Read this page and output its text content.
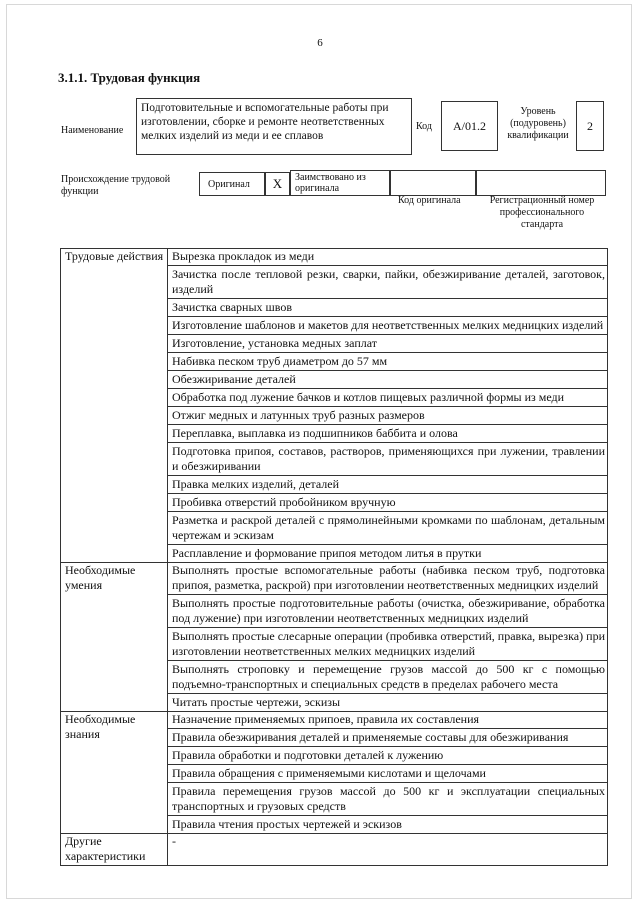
6
3.1.1. Трудовая функция
Наименование
Подготовительные и вспомогательные работы при изготовлении, сборке и ремонте неответственных мелких изделий из меди и ее сплавов
Код	А/01.2
Уровень (подуровень) квалификации
2
Происхождение трудовой функции
Оригинал	X	Заимствовано из оригинала
Код оригинала	Регистрационный номер профессионального стандарта
Трудовые действия	Вырезка прокладок из меди
	Зачистка после тепловой резки, сварки, пайки, обезжиривание деталей, заготовок, изделий
	Зачистка сварных швов
	Изготовление шаблонов и макетов для неответственных мелких медницких изделий
	Изготовление, установка медных заплат
	Набивка песком труб диаметром до 57 мм
	Обезжиривание деталей
	Обработка под лужение бачков и котлов пищевых различной формы из меди
	Отжиг медных и латунных труб разных размеров
	Переплавка, выплавка из подшипников баббита и олова
	Подготовка припоя, составов, растворов, применяющихся при лужении, травлении и обезжиривании
	Правка мелких изделий, деталей
	Пробивка отверстий пробойником вручную
	Разметка и раскрой деталей с прямолинейными кромками по шаблонам, детальным чертежам и эскизам
	Расплавление и формование припоя методом литья в прутки
Необходимые умения	Выполнять простые вспомогательные работы (набивка песком труб, подготовка припоя, разметка, раскрой) при изготовлении неответственных медницких изделий
	Выполнять простые подготовительные работы (очистка, обезжиривание, обработка под лужение) при изготовлении неответственных медницких изделий
	Выполнять простые слесарные операции (пробивка отверстий, правка, вырезка) при изготовлении неответственных мелких медницких изделий
	Выполнять строповку и перемещение грузов массой до 500 кг с помощью подъемно-транспортных и специальных средств в пределах рабочего места
	Читать простые чертежи, эскизы
Необходимые знания	Назначение применяемых припоев, правила их составления
	Правила обезжиривания деталей и применяемые составы для обезжиривания
	Правила обработки и подготовки деталей к лужению
	Правила обращения с применяемыми кислотами и щелочами
	Правила перемещения грузов массой до 500 кг и эксплуатации специальных транспортных и грузовых средств
	Правила чтения простых чертежей и эскизов
Другие характеристики	-
